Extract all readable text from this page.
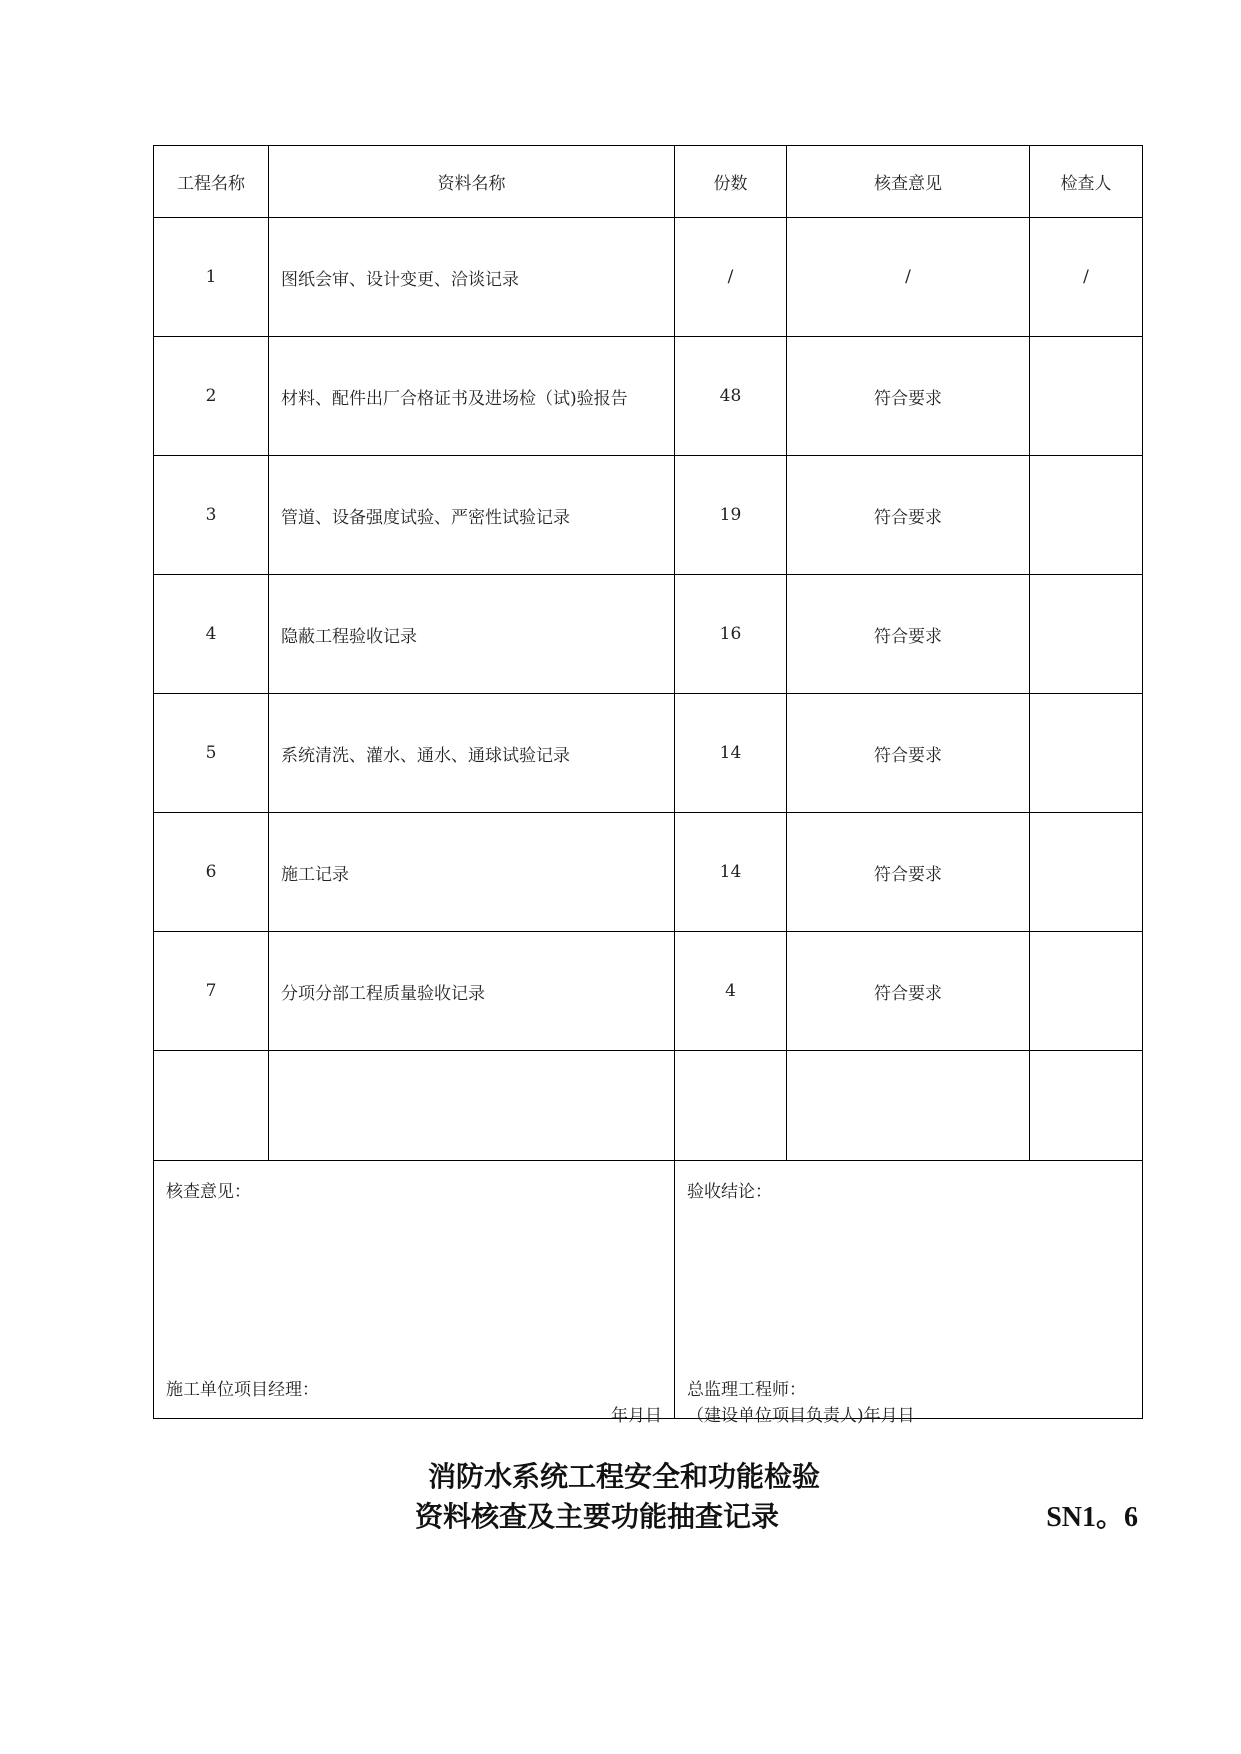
工程名称	资料名称	份数	核查意见	检查人
1	图纸会审、设计变更、洽谈记录	/	/	/
2	材料、配件出厂合格证书及进场检（试)验报告	48	符合要求	
3	管道、设备强度试验、严密性试验记录	19	符合要求	
4	隐蔽工程验收记录	16	符合要求	
5	系统清洗、灌水、通水、通球试验记录	14	符合要求	
6	施工记录	14	符合要求	
7	分项分部工程质量验收记录	4	符合要求	

核查意见：
施工单位项目经理：
年月日		验收结论：
总监理工程师：
（建设单位项目负责人)年月日		
消防水系统工程安全和功能检验
资料核查及主要功能抽查记录	SN1。6
